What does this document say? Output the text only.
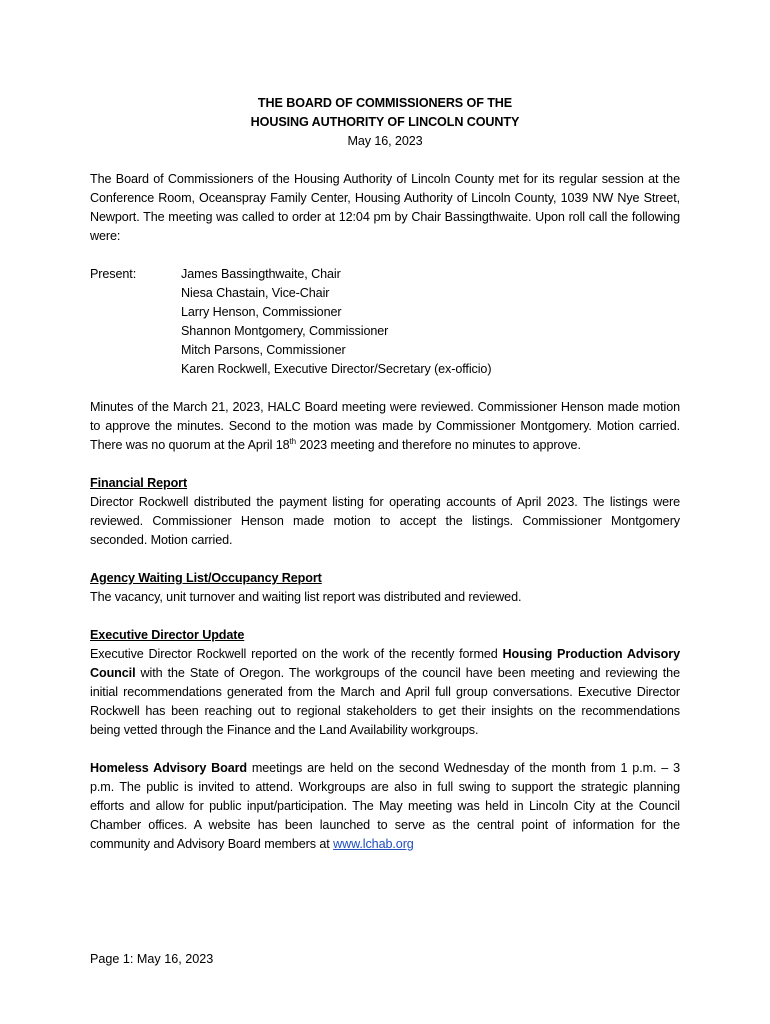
THE BOARD OF COMMISSIONERS OF THE

HOUSING AUTHORITY OF LINCOLN COUNTY

May 16, 2023

The Board of Commissioners of the Housing Authority of Lincoln County met for its regular session at the Conference Room, Oceanspray Family Center, Housing Authority of Lincoln County, 1039 NW Nye Street, Newport. The meeting was called to order at 12:04 pm by Chair Bassingthwaite. Upon roll call the following were:

Present:	James Bassingthwaite, Chair
Niesa Chastain, Vice-Chair
Larry Henson, Commissioner
Shannon Montgomery, Commissioner
Mitch Parsons, Commissioner
Karen Rockwell, Executive Director/Secretary (ex-officio)

Minutes of the March 21, 2023, HALC Board meeting were reviewed. Commissioner Henson made motion to approve the minutes. Second to the motion was made by Commissioner Montgomery. Motion carried. There was no quorum at the April 18th 2023 meeting and therefore no minutes to approve.

Financial Report

Director Rockwell distributed the payment listing for operating accounts of April 2023. The listings were reviewed. Commissioner Henson made motion to accept the listings. Commissioner Montgomery seconded. Motion carried.

Agency Waiting List/Occupancy Report

The vacancy, unit turnover and waiting list report was distributed and reviewed.

Executive Director Update

Executive Director Rockwell reported on the work of the recently formed Housing Production Advisory Council with the State of Oregon. The workgroups of the council have been meeting and reviewing the initial recommendations generated from the March and April full group conversations. Executive Director Rockwell has been reaching out to regional stakeholders to get their insights on the recommendations being vetted through the Finance and the Land Availability workgroups.

Homeless Advisory Board meetings are held on the second Wednesday of the month from 1 p.m. – 3 p.m. The public is invited to attend. Workgroups are also in full swing to support the strategic planning efforts and allow for public input/participation. The May meeting was held in Lincoln City at the Council Chamber offices. A website has been launched to serve as the central point of information for the community and Advisory Board members at www.lchab.org

Page 1: May 16, 2023
